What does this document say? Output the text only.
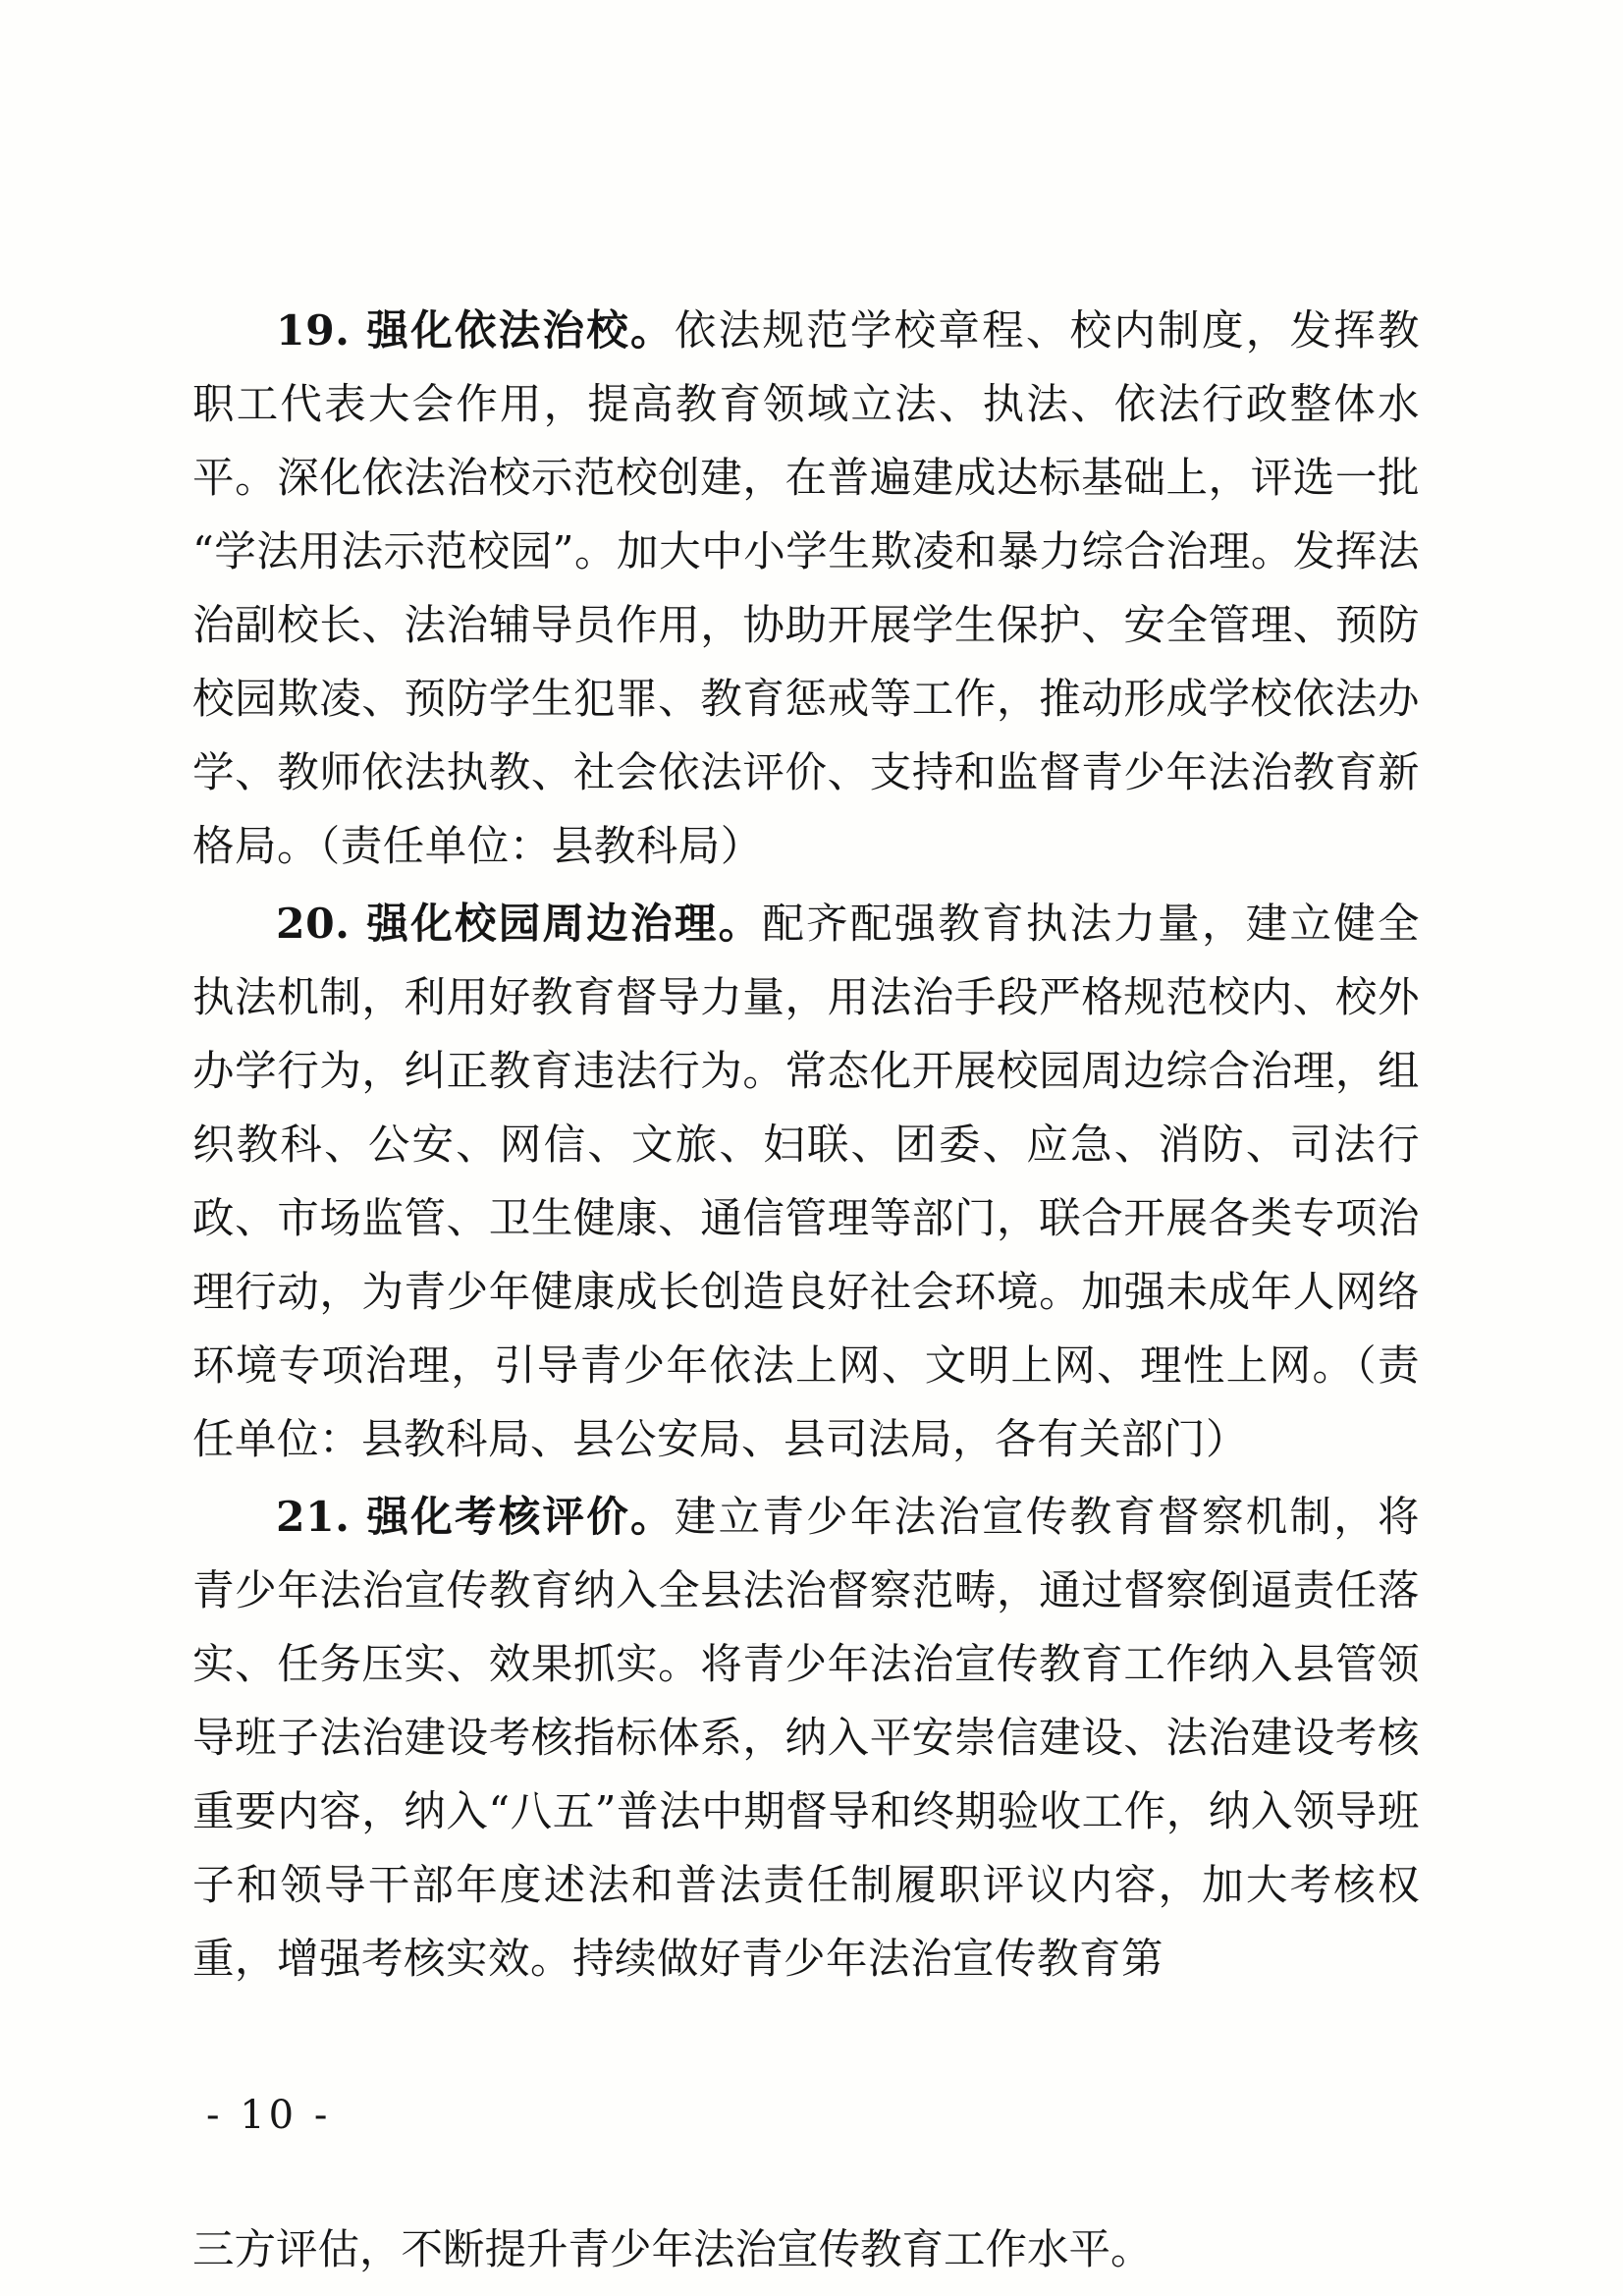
19. 强化依法治校。依法规范学校章程、校内制度，发挥教职工代表大会作用，提高教育领域立法、执法、依法行政整体水平。深化依法治校示范校创建，在普遍建成达标基础上，评选一批“学法用法示范校园”。加大中小学生欺凌和暴力综合治理。发挥法治副校长、法治辅导员作用，协助开展学生保护、安全管理、预防校园欺凌、预防学生犯罪、教育惩戒等工作，推动形成学校依法办学、教师依法执教、社会依法评价、支持和监督青少年法治教育新格局。（责任单位：县教科局）

20. 强化校园周边治理。配齐配强教育执法力量，建立健全执法机制，利用好教育督导力量，用法治手段严格规范校内、校外办学行为，纠正教育违法行为。常态化开展校园周边综合治理，组织教科、公安、网信、文旅、妇联、团委、应急、消防、司法行政、市场监管、卫生健康、通信管理等部门，联合开展各类专项治理行动，为青少年健康成长创造良好社会环境。加强未成年人网络环境专项治理，引导青少年依法上网、文明上网、理性上网。（责任单位：县教科局、县公安局、县司法局，各有关部门）

21. 强化考核评价。建立青少年法治宣传教育督察机制，将青少年法治宣传教育纳入全县法治督察范畴，通过督察倒逼责任落实、任务压实、效果抓实。将青少年法治宣传教育工作纳入县管领导班子法治建设考核指标体系，纳入平安崇信建设、法治建设考核重要内容，纳入“八五”普法中期督导和终期验收工作，纳入领导班子和领导干部年度述法和普法责任制履职评议内容，加大考核权重，增强考核实效。持续做好青少年法治宣传教育第

- 10 -
三方评估，不断提升青少年法治宣传教育工作水平。
